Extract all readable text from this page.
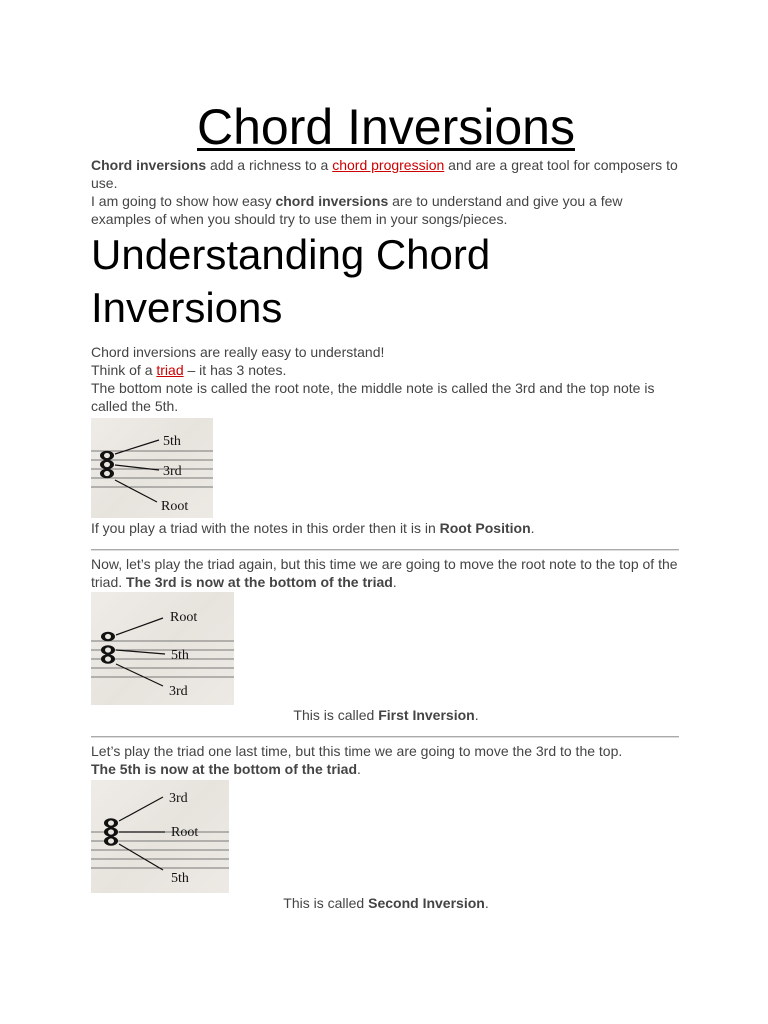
Chord Inversions

Chord inversions add a richness to a chord progression and are a great tool for composers to use.

I am going to show how easy chord inversions are to understand and give you a few examples of when you should try to use them in your songs/pieces.

Understanding Chord Inversions

Chord inversions are really easy to understand!

Think of a triad – it has 3 notes.

The bottom note is called the root note, the middle note is called the 3rd and the top note is called the 5th.

5th
3rd
Root

If you play a triad with the notes in this order then it is in Root Position.

Now, let’s play the triad again, but this time we are going to move the root note to the top of the triad. The 3rd is now at the bottom of the triad.

Root
5th
3rd

This is called First Inversion.

Let’s play the triad one last time, but this time we are going to move the 3rd to the top.

The 5th is now at the bottom of the triad.

3rd
Root
5th

This is called Second Inversion.
